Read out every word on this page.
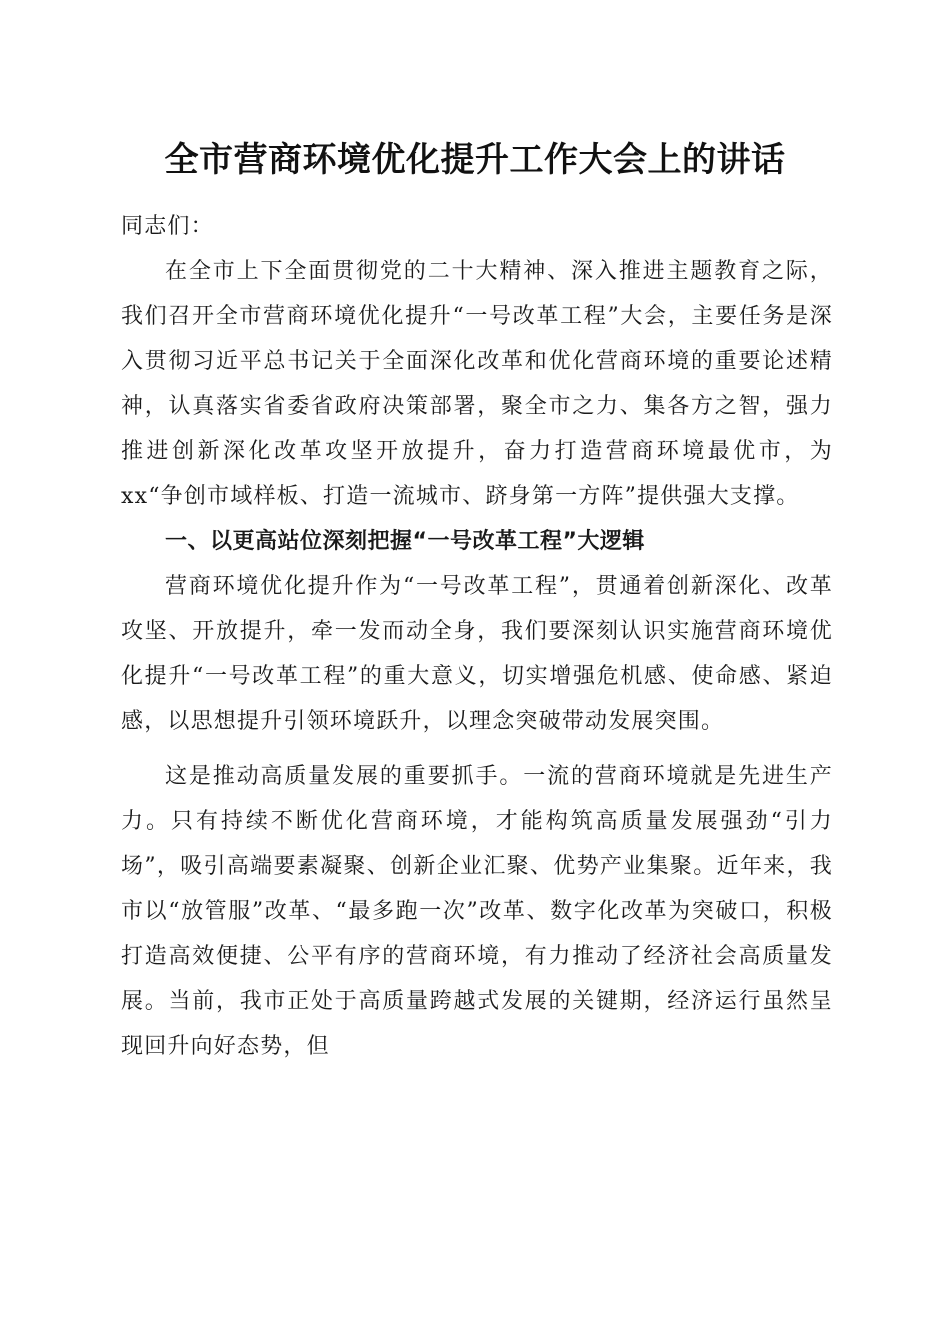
全市营商环境优化提升工作大会上的讲话

同志们：

在全市上下全面贯彻党的二十大精神、深入推进主题教育之际，我们召开全市营商环境优化提升“一号改革工程”大会，主要任务是深入贯彻习近平总书记关于全面深化改革和优化营商环境的重要论述精神，认真落实省委省政府决策部署，聚全市之力、集各方之智，强力推进创新深化改革攻坚开放提升，奋力打造营商环境最优市，为xx“争创市域样板、打造一流城市、跻身第一方阵”提供强大支撑。

一、以更高站位深刻把握“一号改革工程”大逻辑

营商环境优化提升作为“一号改革工程”，贯通着创新深化、改革攻坚、开放提升，牵一发而动全身，我们要深刻认识实施营商环境优化提升“一号改革工程”的重大意义，切实增强危机感、使命感、紧迫感，以思想提升引领环境跃升，以理念突破带动发展突围。

这是推动高质量发展的重要抓手。一流的营商环境就是先进生产力。只有持续不断优化营商环境，才能构筑高质量发展强劲“引力场”，吸引高端要素凝聚、创新企业汇聚、优势产业集聚。近年来，我市以“放管服”改革、“最多跑一次”改革、数字化改革为突破口，积极打造高效便捷、公平有序的营商环境，有力推动了经济社会高质量发展。当前，我市正处于高质量跨越式发展的关键期，经济运行虽然呈现回升向好态势，但
